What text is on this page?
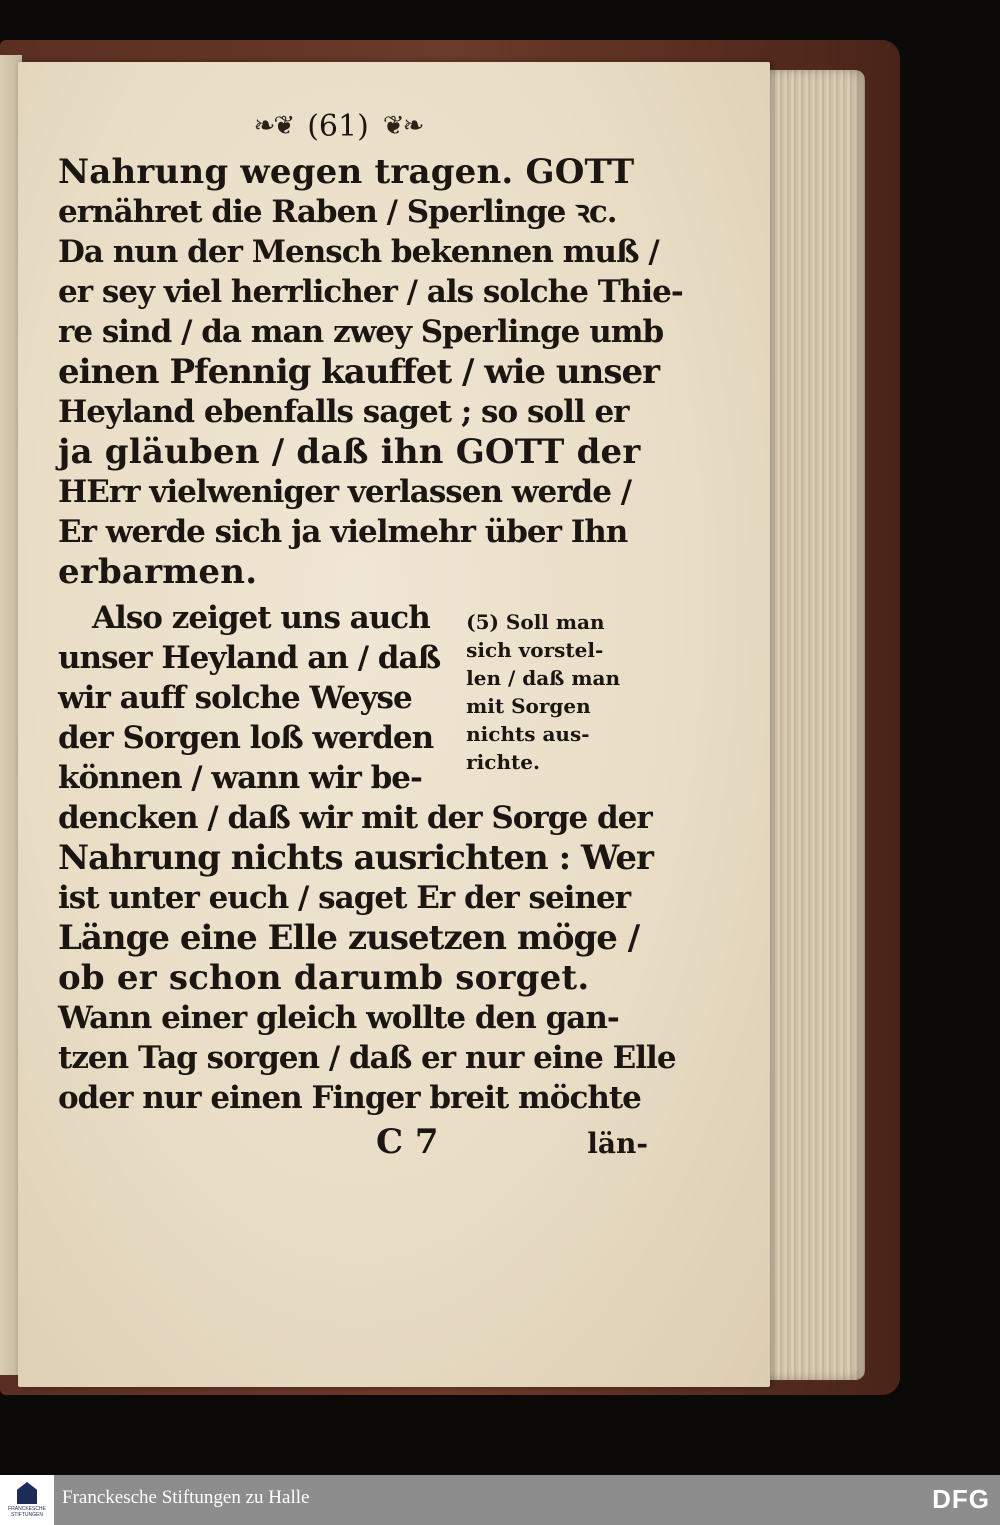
❧❦ (61) ❦❧

Nahrung wegen tragen. GOTT

ernähret die Raben / Sperlinge ꝛc.

Da nun der Mensch bekennen muß /

er sey viel herrlicher / als solche Thie-

re sind / da man zwey Sperlinge umb

einen Pfennig kauffet / wie unser

Heyland ebenfalls saget ; so soll er

ja gläuben / daß ihn GOTT der

HErr vielweniger verlassen werde /

Er werde sich ja vielmehr über Ihn

erbarmen.

Also zeiget uns auch

unser Heyland an / daß

wir auff solche Weyse

der Sorgen loß werden

können / wann wir be-

(5) Soll man

sich vorstel-

len / daß man

mit Sorgen

nichts aus-

richte.

dencken / daß wir mit der Sorge der

Nahrung nichts ausrichten : Wer

ist unter euch / saget Er der seiner

Länge eine Elle zusetzen möge /

ob er schon darumb sorget.

Wann einer gleich wollte den gan-

tzen Tag sorgen / daß er nur eine Elle

oder nur einen Finger breit möchte

C 7	län-
FRANCKESCHE STIFTUNGEN
Franckesche Stiftungen zu Halle	DFG
